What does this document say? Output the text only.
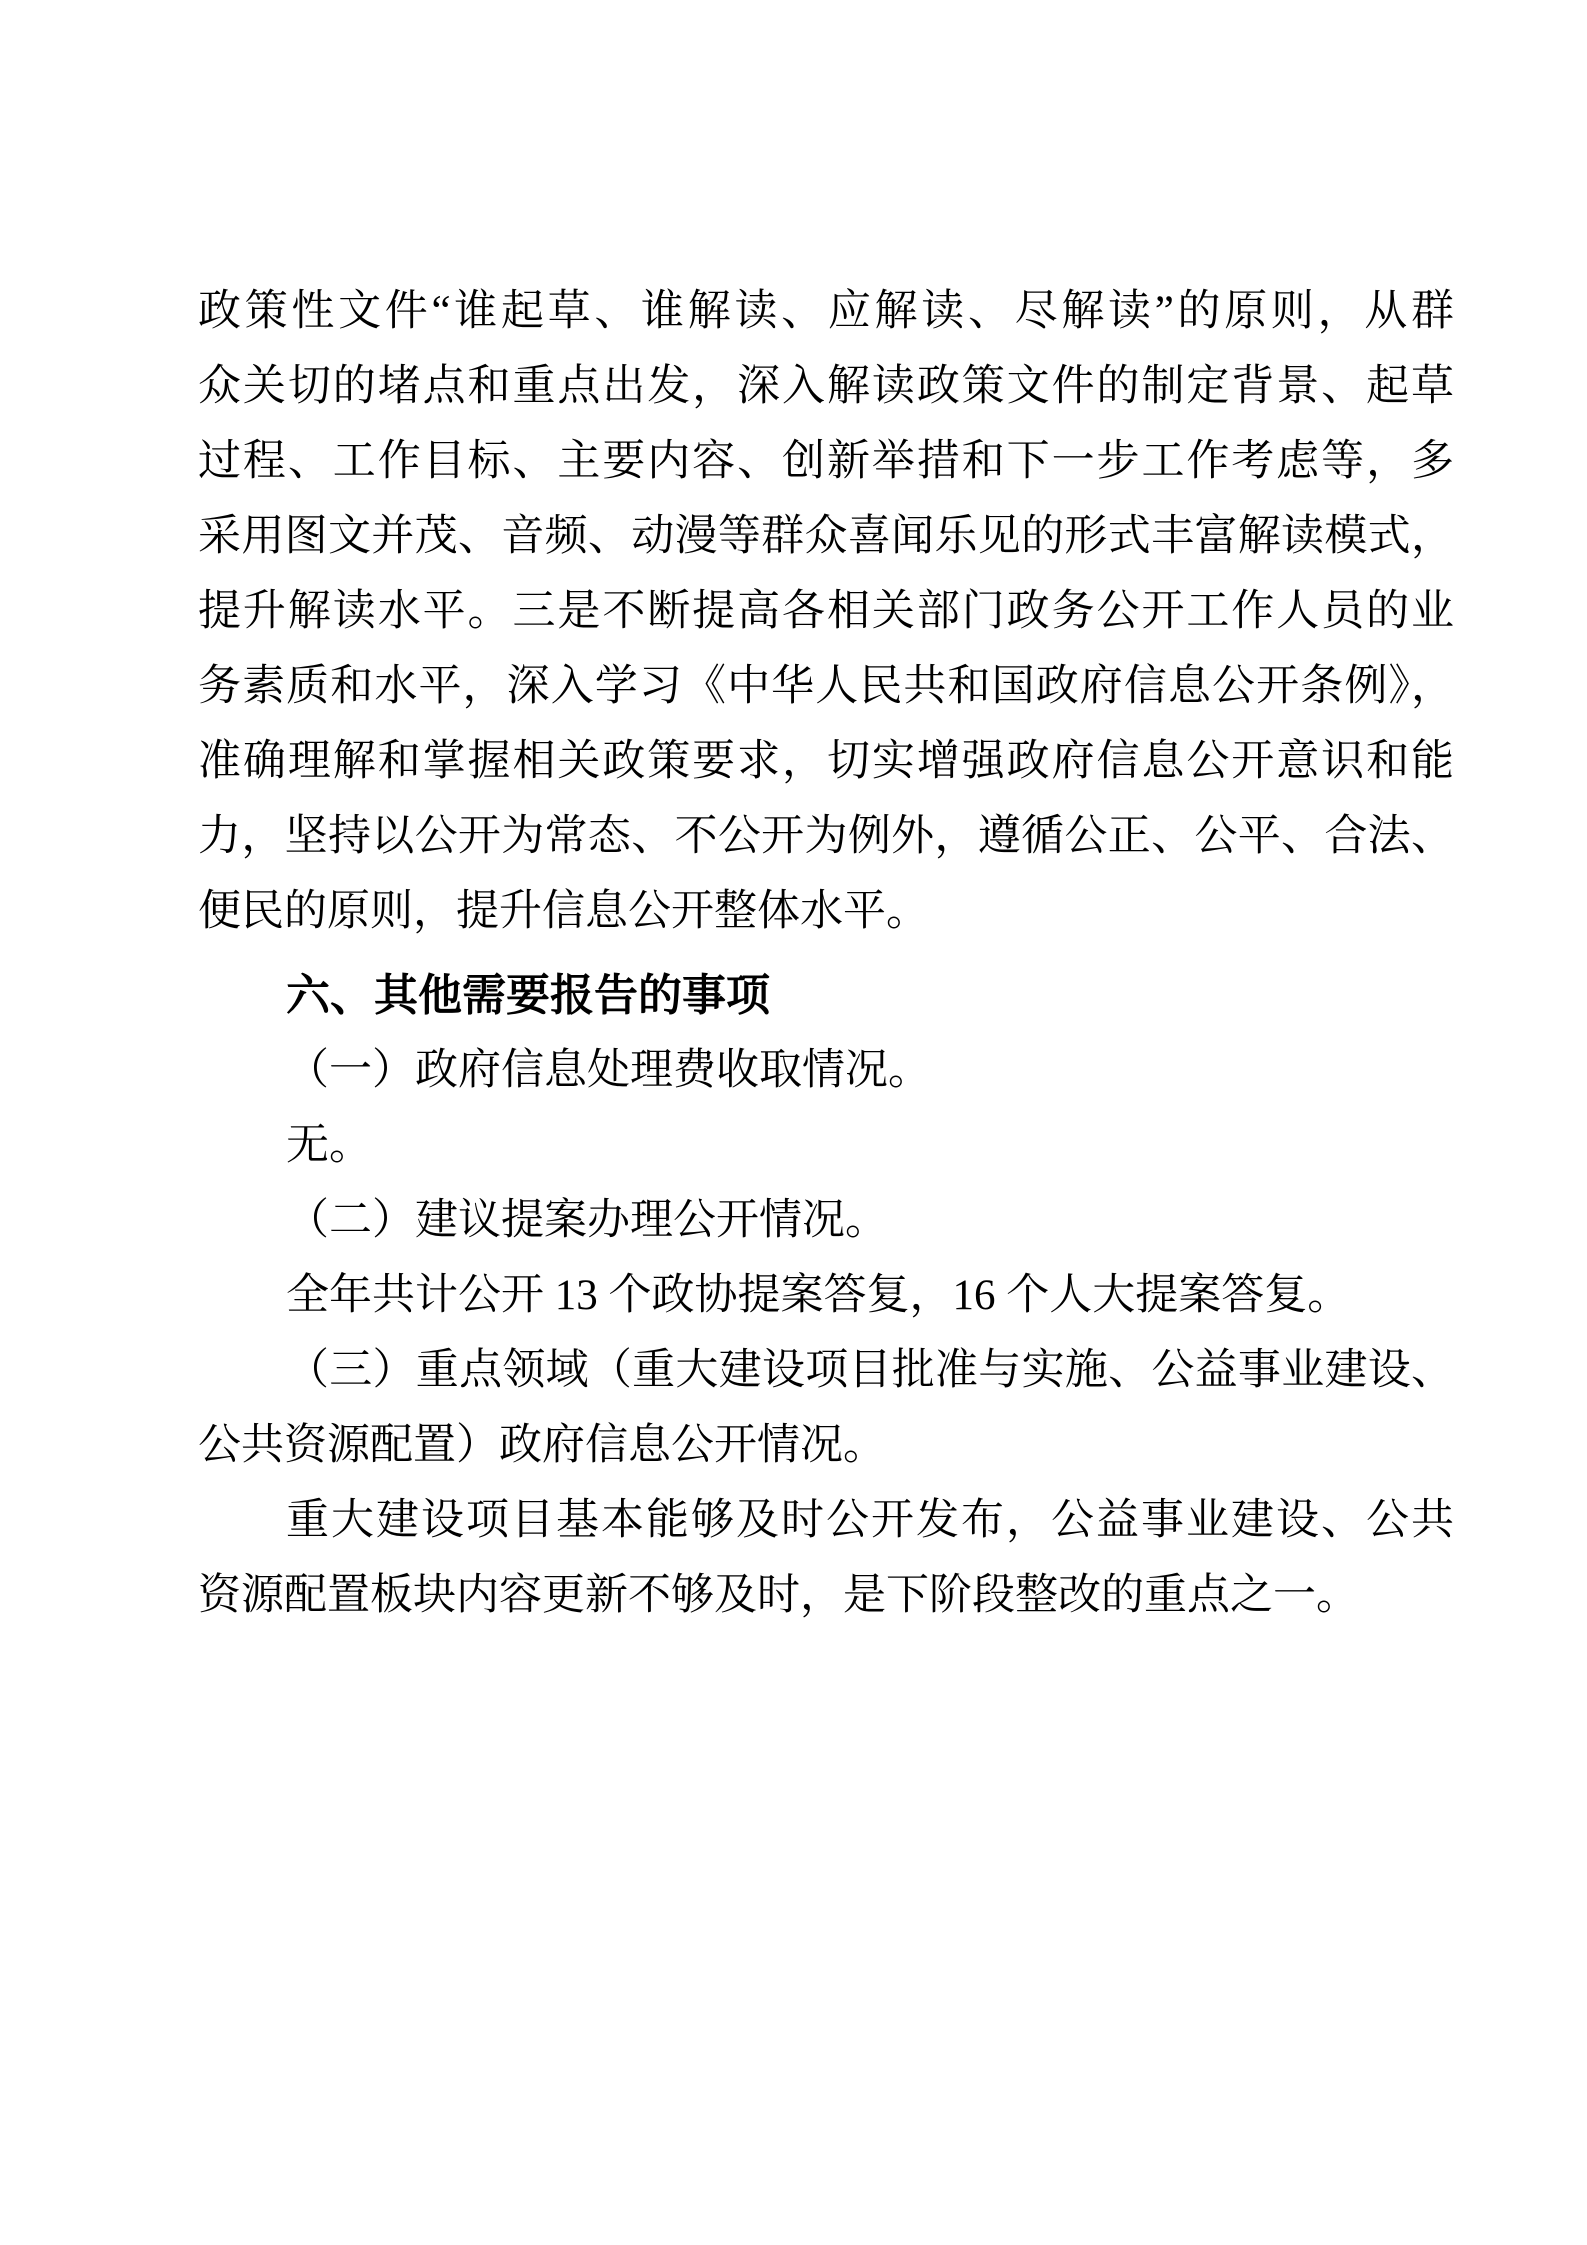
政策性文件“谁起草、谁解读、应解读、尽解读”的原则，从群
众关切的堵点和重点出发，深入解读政策文件的制定背景、起草
过程、工作目标、主要内容、创新举措和下一步工作考虑等，多
采用图文并茂、音频、动漫等群众喜闻乐见的形式丰富解读模式，
提升解读水平。三是不断提高各相关部门政务公开工作人员的业
务素质和水平，深入学习《中华人民共和国政府信息公开条例》，
准确理解和掌握相关政策要求，切实增强政府信息公开意识和能
力，坚持以公开为常态、不公开为例外，遵循公正、公平、合法、
便民的原则，提升信息公开整体水平。
六、其他需要报告的事项
（一）政府信息处理费收取情况。
无。
（二）建议提案办理公开情况。
全年共计公开 13 个政协提案答复，16 个人大提案答复。
（三）重点领域（重大建设项目批准与实施、公益事业建设、
公共资源配置）政府信息公开情况。
重大建设项目基本能够及时公开发布，公益事业建设、公共
资源配置板块内容更新不够及时，是下阶段整改的重点之一。
